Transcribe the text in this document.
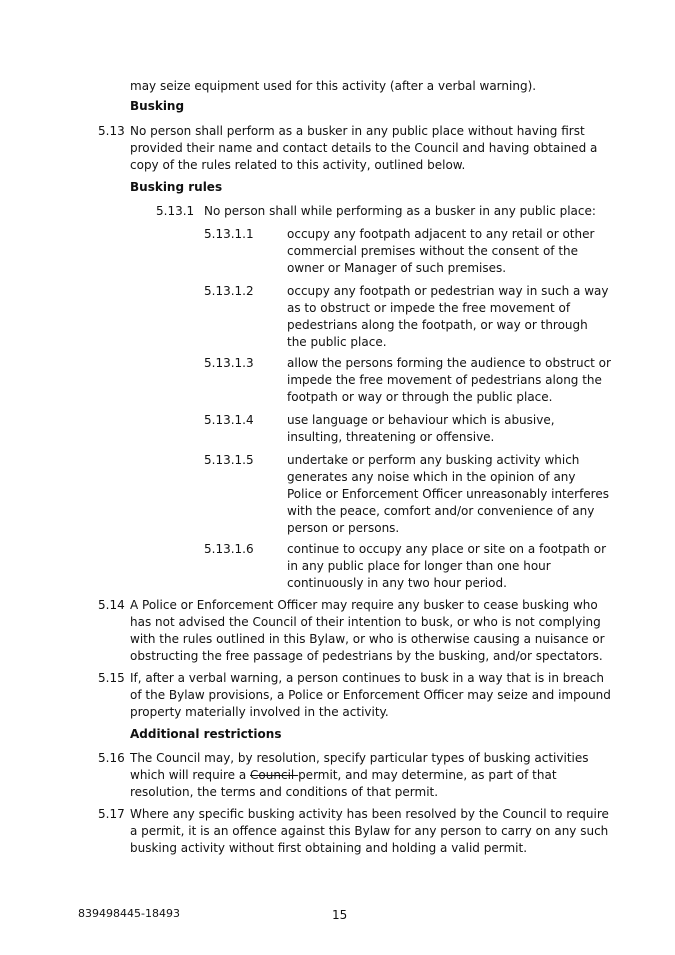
may seize equipment used for this activity (after a verbal warning).
Busking
5.13 No person shall perform as a busker in any public place without having first
provided their name and contact details to the Council and having obtained a
copy of the rules related to this activity, outlined below.
Busking rules
5.13.1 No person shall while performing as a busker in any public place:
5.13.1.1	occupy any footpath adjacent to any retail or other
commercial premises without the consent of the
owner or Manager of such premises.
5.13.1.2	occupy any footpath or pedestrian way in such a way
as to obstruct or impede the free movement of
pedestrians along the footpath, or way or through
the public place.
5.13.1.3	allow the persons forming the audience to obstruct or
impede the free movement of pedestrians along the
footpath or way or through the public place.
5.13.1.4	use language or behaviour which is abusive,
insulting, threatening or offensive.
5.13.1.5	undertake or perform any busking activity which
generates any noise which in the opinion of any
Police or Enforcement Officer unreasonably interferes
with the peace, comfort and/or convenience of any
person or persons.
5.13.1.6	continue to occupy any place or site on a footpath or
in any public place for longer than one hour
continuously in any two hour period.
5.14 A Police or Enforcement Officer may require any busker to cease busking who
has not advised the Council of their intention to busk, or who is not complying
with the rules outlined in this Bylaw, or who is otherwise causing a nuisance or
obstructing the free passage of pedestrians by the busking, and/or spectators.
5.15 If, after a verbal warning, a person continues to busk in a way that is in breach
of the Bylaw provisions, a Police or Enforcement Officer may seize and impound
property materially involved in the activity.
Additional restrictions
5.16 The Council may, by resolution, specify particular types of busking activities
which will require a Council permit, and may determine, as part of that
resolution, the terms and conditions of that permit.
5.17 Where any specific busking activity has been resolved by the Council to require
a permit, it is an offence against this Bylaw for any person to carry on any such
busking activity without first obtaining and holding a valid permit.
839498445-18493	15
